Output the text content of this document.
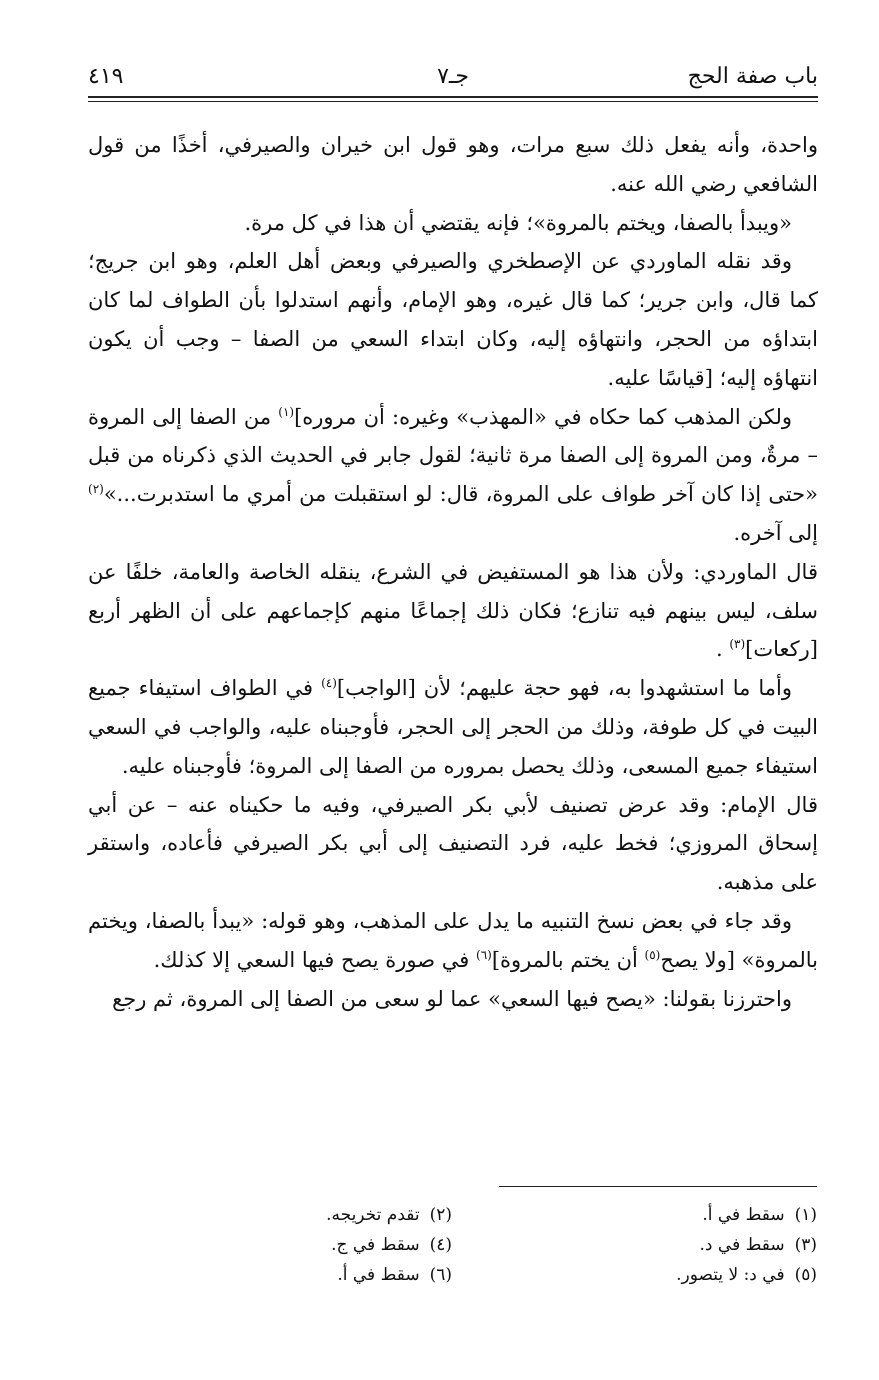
باب صفة الحج
جـ٧
٤١٩

واحدة، وأنه يفعل ذلك سبع مرات، وهو قول ابن خيران والصيرفي، أخذًا من قول الشافعي رضي الله عنه.

«ويبدأ بالصفا، ويختم بالمروة»؛ فإنه يقتضي أن هذا في كل مرة.

وقد نقله الماوردي عن الإصطخري والصيرفي وبعض أهل العلم، وهو ابن جريج؛ كما قال، وابن جرير؛ كما قال غيره، وهو الإمام، وأنهم استدلوا بأن الطواف لما كان ابتداؤه من الحجر، وانتهاؤه إليه، وكان ابتداء السعي من الصفا – وجب أن يكون انتهاؤه إليه؛ [قياسًا عليه.

ولكن المذهب كما حكاه في «المهذب» وغيره: أن مروره]$^{(١)}$ من الصفا إلى المروة – مرةٌ، ومن المروة إلى الصفا مرة ثانية؛ لقول جابر في الحديث الذي ذكرناه من قبل «حتى إذا كان آخر طواف على المروة، قال: لو استقبلت من أمري ما استدبرت...»$^{(٢)}$ إلى آخره.

قال الماوردي: ولأن هذا هو المستفيض في الشرع، ينقله الخاصة والعامة، خلفًا عن سلف، ليس بينهم فيه تنازع؛ فكان ذلك إجماعًا منهم كإجماعهم على أن الظهر أربع [ركعات]$^{(٣)}$ .

وأما ما استشهدوا به، فهو حجة عليهم؛ لأن [الواجب]$^{(٤)}$ في الطواف استيفاء جميع البيت في كل طوفة، وذلك من الحجر إلى الحجر، فأوجبناه عليه، والواجب في السعي استيفاء جميع المسعى، وذلك يحصل بمروره من الصفا إلى المروة؛ فأوجبناه عليه.

قال الإمام: وقد عرض تصنيف لأبي بكر الصيرفي، وفيه ما حكيناه عنه – عن أبي إسحاق المروزي؛ فخط عليه، فرد التصنيف إلى أبي بكر الصيرفي فأعاده، واستقر على مذهبه.

وقد جاء في بعض نسخ التنبيه ما يدل على المذهب، وهو قوله: «يبدأ بالصفا، ويختم بالمروة» [ولا يصح$^{(٥)}$ أن يختم بالمروة]$^{(٦)}$ في صورة يصح فيها السعي إلا كذلك.

واحترزنا بقولنا: «يصح فيها السعي» عما لو سعى من الصفا إلى المروة، ثم رجع

(١)
سقط في أ.
(٢)
تقدم تخريجه.
(٣)
سقط في د.
(٤)
سقط في ج.
(٥)
في د: لا يتصور.
(٦)
سقط في أ.
